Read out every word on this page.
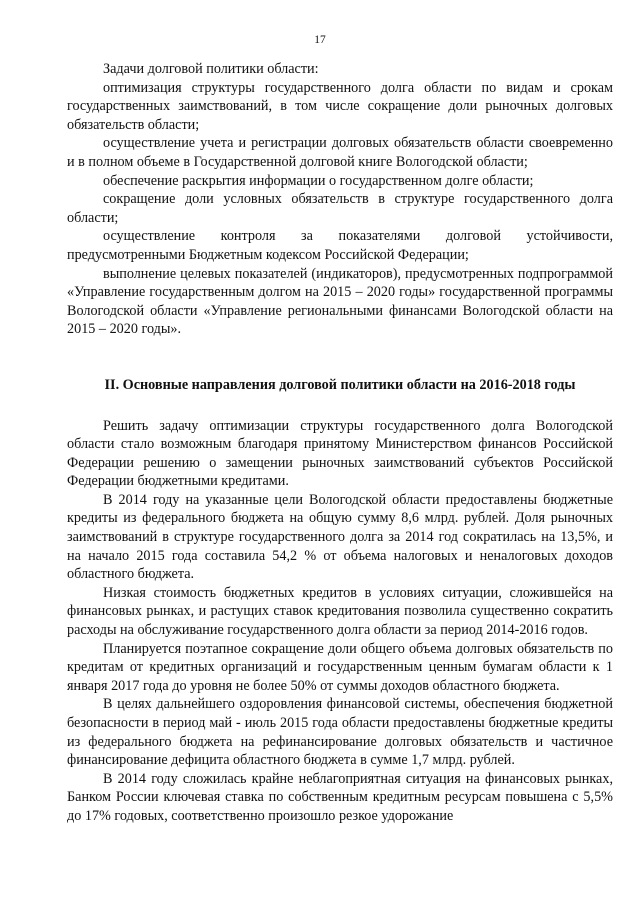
17

Задачи долговой политики области:

оптимизация структуры государственного долга области по видам и срокам государственных заимствований, в том числе сокращение доли рыночных долговых обязательств области;

осуществление учета и регистрации долговых обязательств области своевременно и в полном объеме в Государственной долговой книге Вологодской области;

обеспечение раскрытия информации о государственном долге области;

сокращение доли условных обязательств в структуре государственного долга области;

осуществление контроля за показателями долговой устойчивости, предусмотренными Бюджетным кодексом Российской Федерации;

выполнение целевых показателей (индикаторов), предусмотренных подпрограммой «Управление государственным долгом на 2015 – 2020 годы» государственной программы Вологодской области «Управление региональными финансами Вологодской области на 2015 – 2020 годы».

II. Основные направления долговой политики области на 2016-2018 годы

Решить задачу оптимизации структуры государственного долга Вологодской области стало возможным благодаря принятому Министерством финансов Российской Федерации решению о замещении рыночных заимствований субъектов Российской Федерации бюджетными кредитами.

В 2014 году на указанные цели Вологодской области предоставлены бюджетные кредиты из федерального бюджета на общую сумму 8,6 млрд. рублей. Доля рыночных заимствований в структуре государственного долга за 2014 год сократилась на 13,5%, и на начало 2015 года составила 54,2 % от объема налоговых и неналоговых доходов областного бюджета.

Низкая стоимость бюджетных кредитов в условиях ситуации, сложившейся на финансовых рынках, и растущих ставок кредитования позволила существенно сократить расходы на обслуживание государственного долга области за период 2014-2016 годов.

Планируется поэтапное сокращение доли общего объема долговых обязательств по кредитам от кредитных организаций и государственным ценным бумагам области к 1 января 2017 года до уровня не более 50% от суммы доходов областного бюджета.

В целях дальнейшего оздоровления финансовой системы, обеспечения бюджетной безопасности в период май - июль 2015 года области предоставлены бюджетные кредиты из федерального бюджета на рефинансирование долговых обязательств и частичное финансирование дефицита областного бюджета в сумме 1,7 млрд. рублей.

В 2014 году сложилась крайне неблагоприятная ситуация на финансовых рынках, Банком России ключевая ставка по собственным кредитным ресурсам повышена с 5,5% до 17% годовых, соответственно произошло резкое удорожание
